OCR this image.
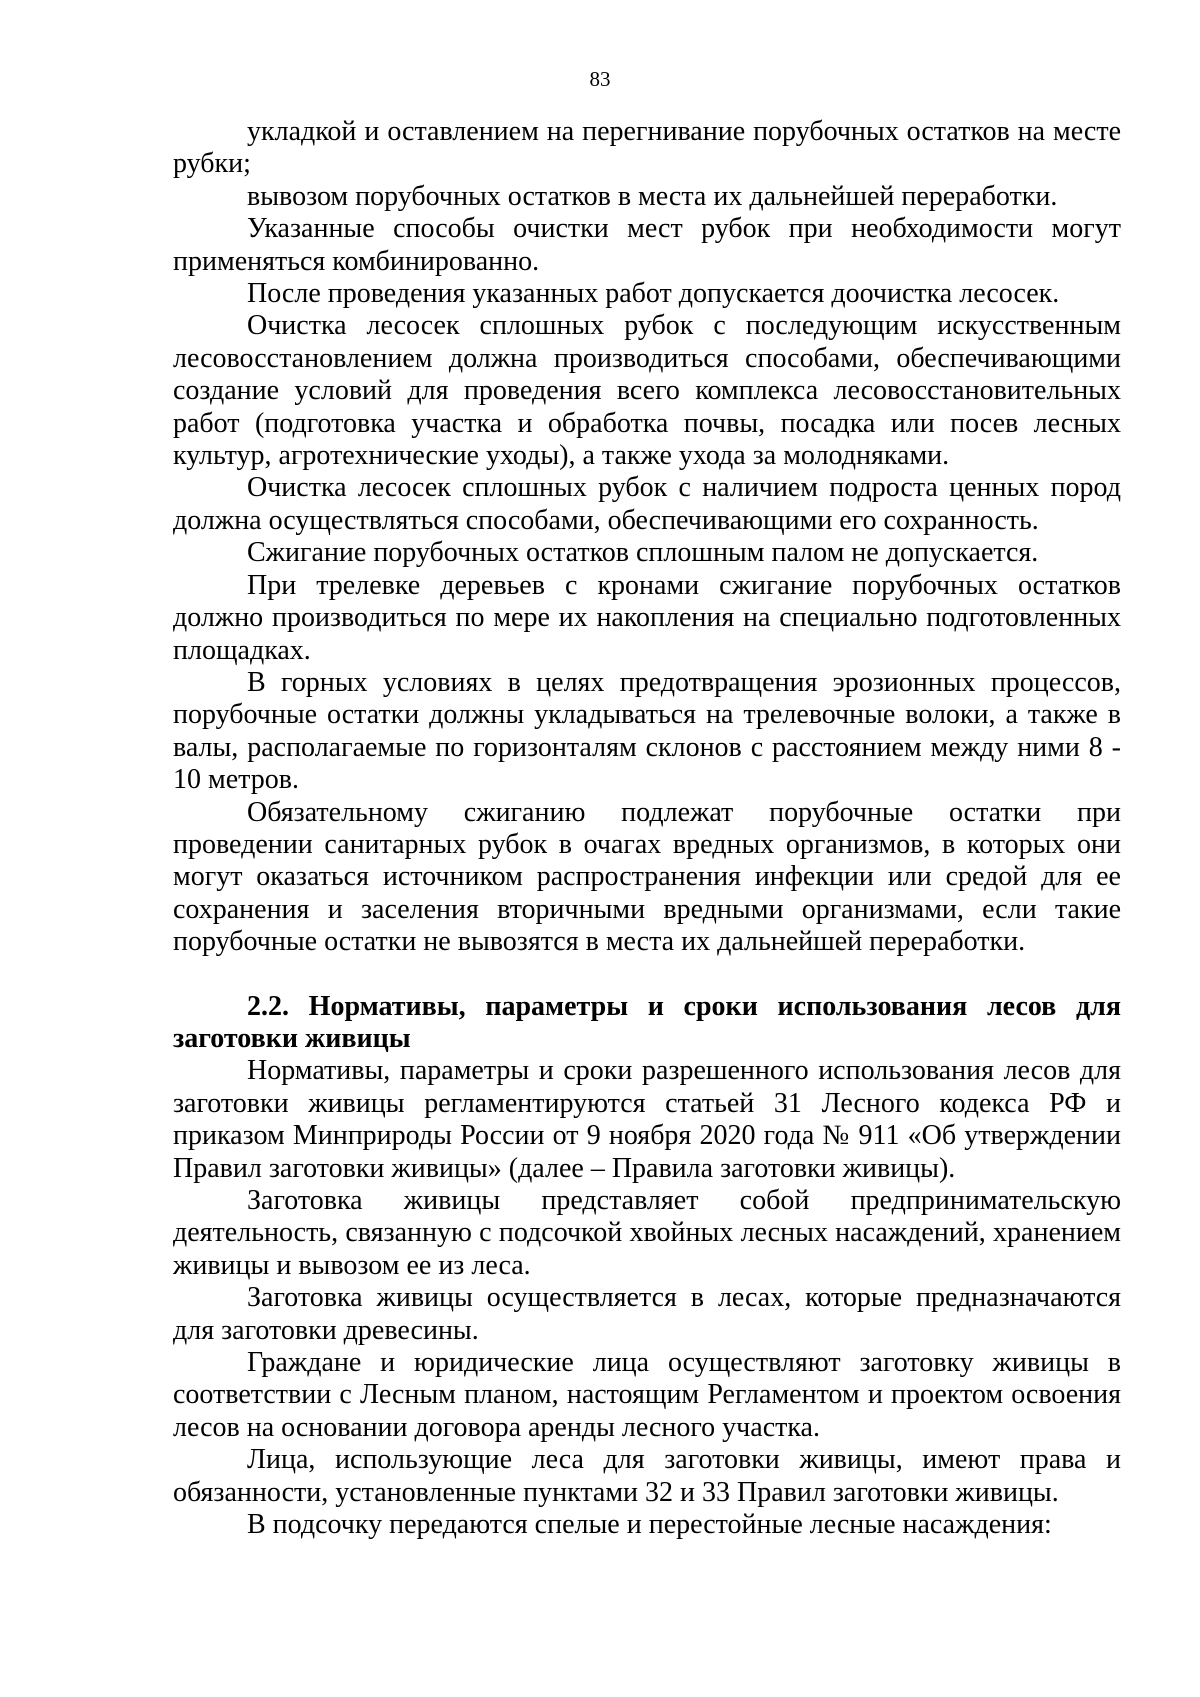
83

укладкой и оставлением на перегнивание порубочных остатков на месте рубки;

вывозом порубочных остатков в места их дальнейшей переработки.

Указанные способы очистки мест рубок при необходимости могут применяться комбинированно.

После проведения указанных работ допускается доочистка лесосек.

Очистка лесосек сплошных рубок с последующим искусственным лесовосстановлением должна производиться способами, обеспечивающими создание условий для проведения всего комплекса лесовосстановительных работ (подготовка участка и обработка почвы, посадка или посев лесных культур, агротехнические уходы), а также ухода за молодняками.

Очистка лесосек сплошных рубок с наличием подроста ценных пород должна осуществляться способами, обеспечивающими его сохранность.

Сжигание порубочных остатков сплошным палом не допускается.

При трелевке деревьев с кронами сжигание порубочных остатков должно производиться по мере их накопления на специально подготовленных площадках.

В горных условиях в целях предотвращения эрозионных процессов, порубочные остатки должны укладываться на трелевочные волоки, а также в валы, располагаемые по горизонталям склонов с расстоянием между ними 8 - 10 метров.

Обязательному сжиганию подлежат порубочные остатки при проведении санитарных рубок в очагах вредных организмов, в которых они могут оказаться источником распространения инфекции или средой для ее сохранения и заселения вторичными вредными организмами, если такие порубочные остатки не вывозятся в места их дальнейшей переработки.

2.2. Нормативы, параметры и сроки использования лесов для заготовки живицы

Нормативы, параметры и сроки разрешенного использования лесов для заготовки живицы регламентируются статьей 31 Лесного кодекса РФ и приказом Минприроды России от 9 ноября 2020 года № 911 «Об утверждении Правил заготовки живицы» (далее – Правила заготовки живицы).

Заготовка живицы представляет собой предпринимательскую деятельность, связанную с подсочкой хвойных лесных насаждений, хранением живицы и вывозом ее из леса.

Заготовка живицы осуществляется в лесах, которые предназначаются для заготовки древесины.

Граждане и юридические лица осуществляют заготовку живицы в соответствии с Лесным планом, настоящим Регламентом и проектом освоения лесов на основании договора аренды лесного участка.

Лица, использующие леса для заготовки живицы, имеют права и обязанности, установленные пунктами 32 и 33 Правил заготовки живицы.

В подсочку передаются спелые и перестойные лесные насаждения:
